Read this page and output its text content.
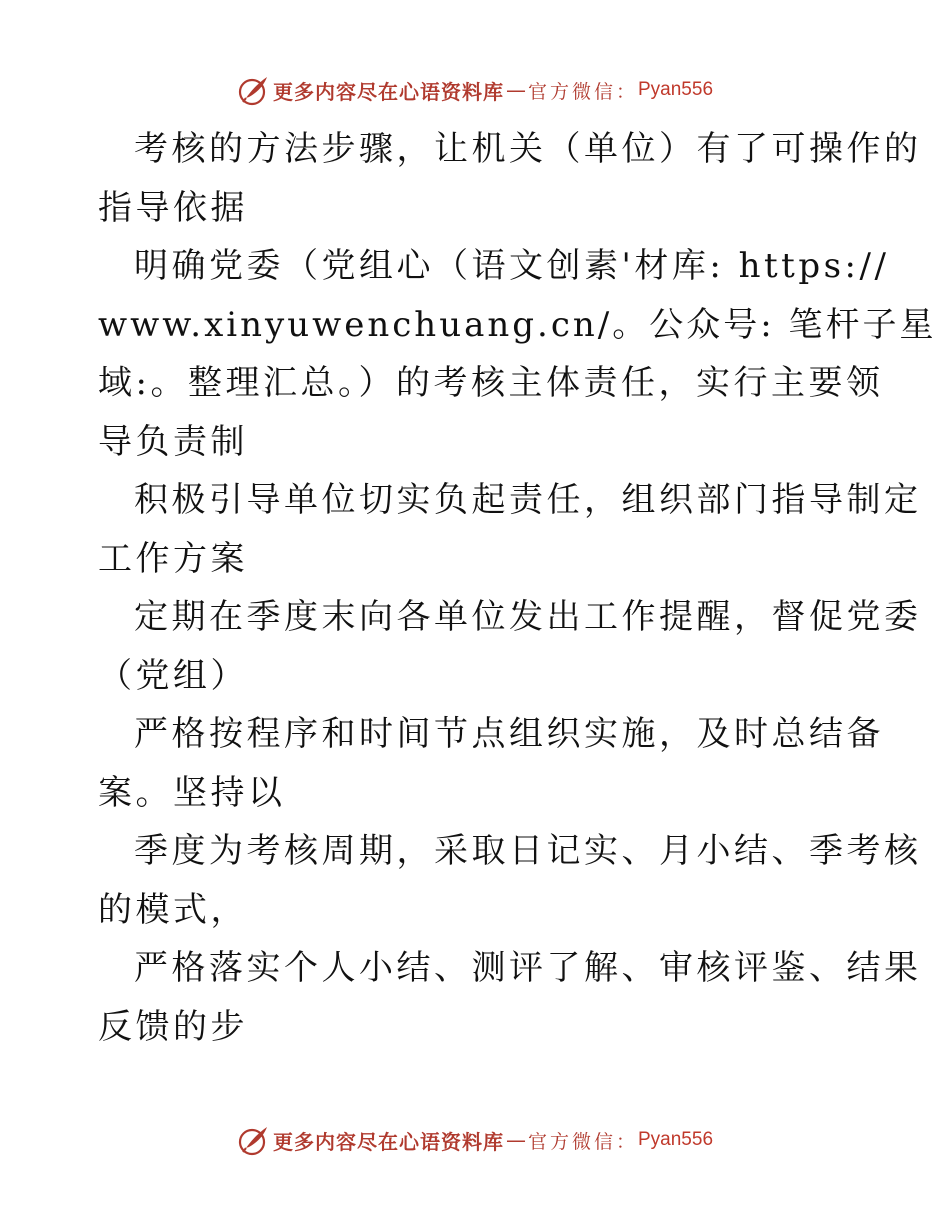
更多内容尽在心语资料库 — 官方微信： Pyan556
考核的方法步骤，让机关（单位）有了可操作的
指导依据
明确党委（党组心（语文创素'材库: https://
www.xinyuwenchuang.cn/。公众号: 笔杆子星
域:。整理汇总。）的考核主体责任，实行主要领
导负责制
积极引导单位切实负起责任，组织部门指导制定
工作方案
定期在季度末向各单位发出工作提醒，督促党委
（党组）
严格按程序和时间节点组织实施，及时总结备
案。坚持以
季度为考核周期，采取日记实、月小结、季考核
的模式，
严格落实个人小结、测评了解、审核评鉴、结果
反馈的步
更多内容尽在心语资料库 — 官方微信： Pyan556
